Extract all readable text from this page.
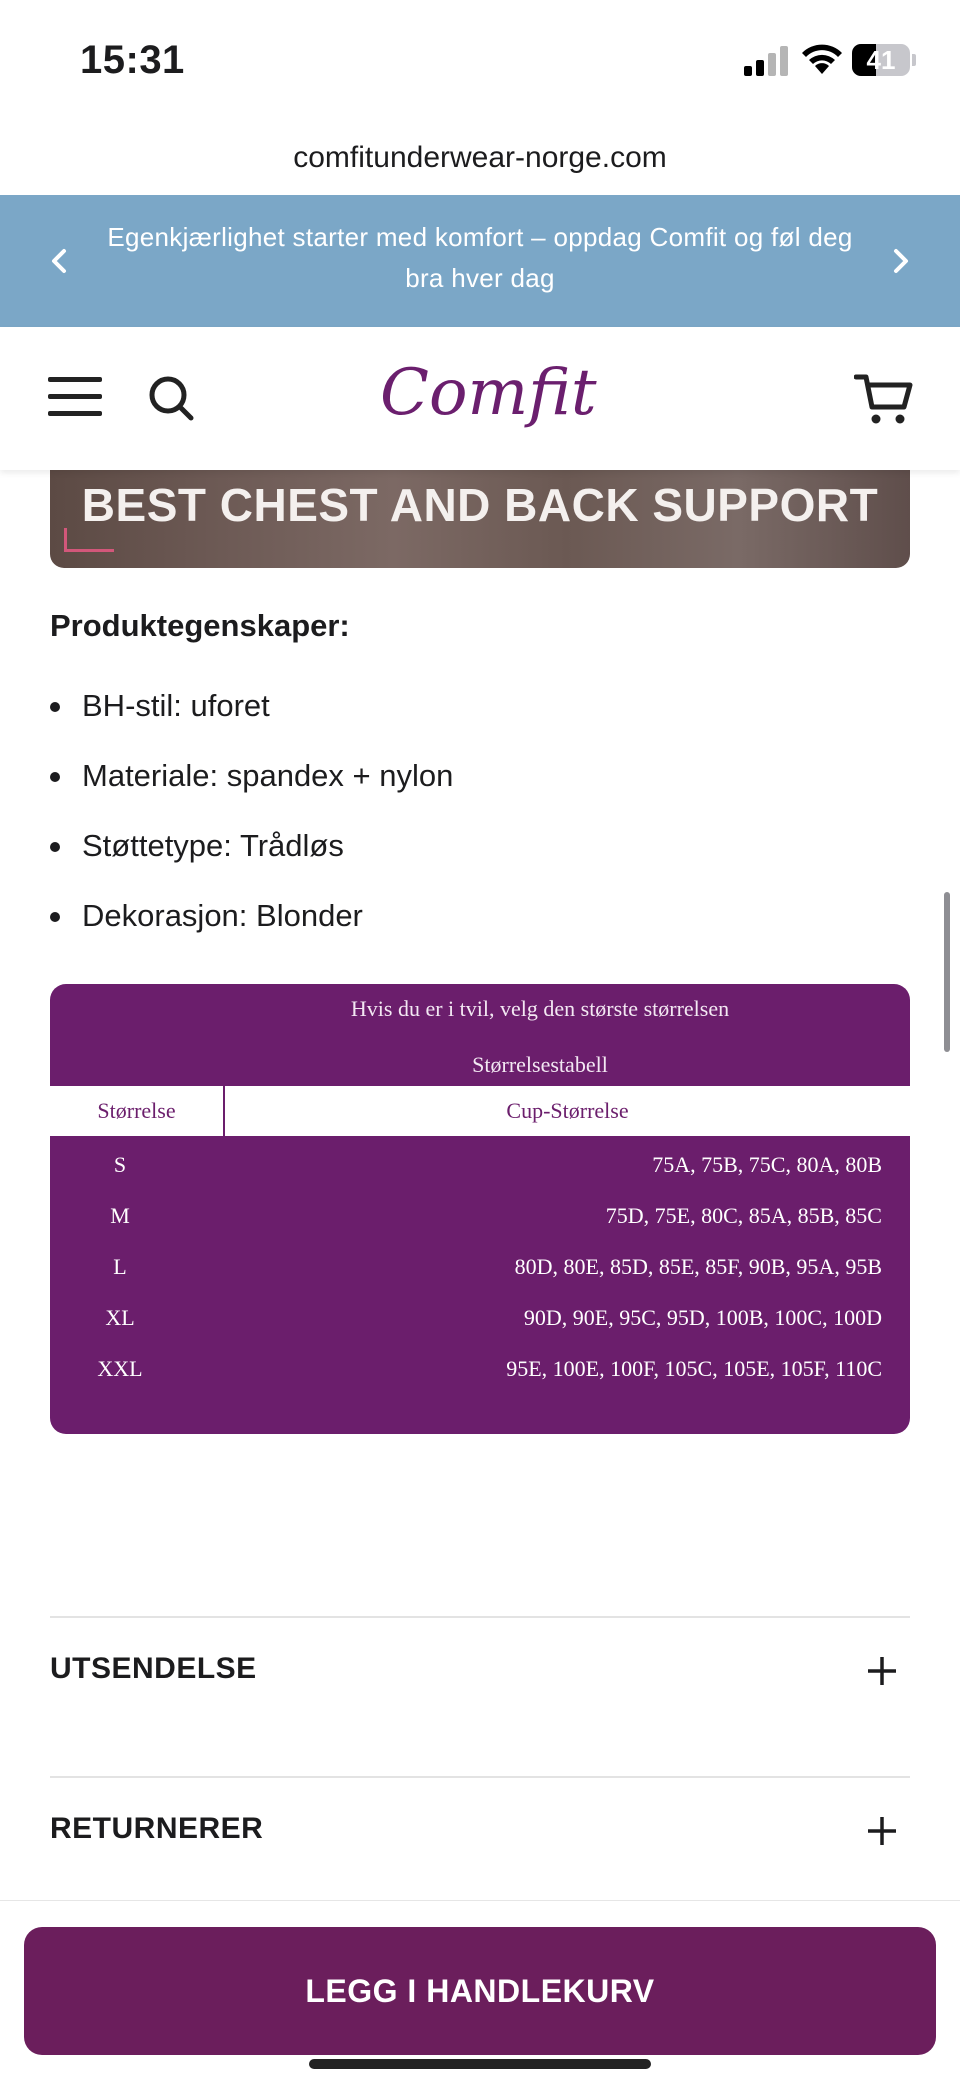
15:31	41
comfitunderwear-norge.com
Egenkjærlighet starter med komfort – oppdag Comfit og føl deg bra hver dag
Comfit
BEST CHEST AND BACK SUPPORT
Produktegenskaper:
BH-stil: uforet
Materiale: spandex + nylon
Støttetype: Trådløs
Dekorasjon: Blonder
Hvis du er i tvil, velg den største størrelsen
Størrelsestabell
Størrelse	Cup-Størrelse
S	75A, 75B, 75C, 80A, 80B
M	75D, 75E, 80C, 85A, 85B, 85C
L	80D, 80E, 85D, 85E, 85F, 90B, 95A, 95B
XL	90D, 90E, 95C, 95D, 100B, 100C, 100D
XXL	95E, 100E, 100F, 105C, 105E, 105F, 110C
UTSENDELSE
RETURNERER
LEGG I HANDLEKURV
